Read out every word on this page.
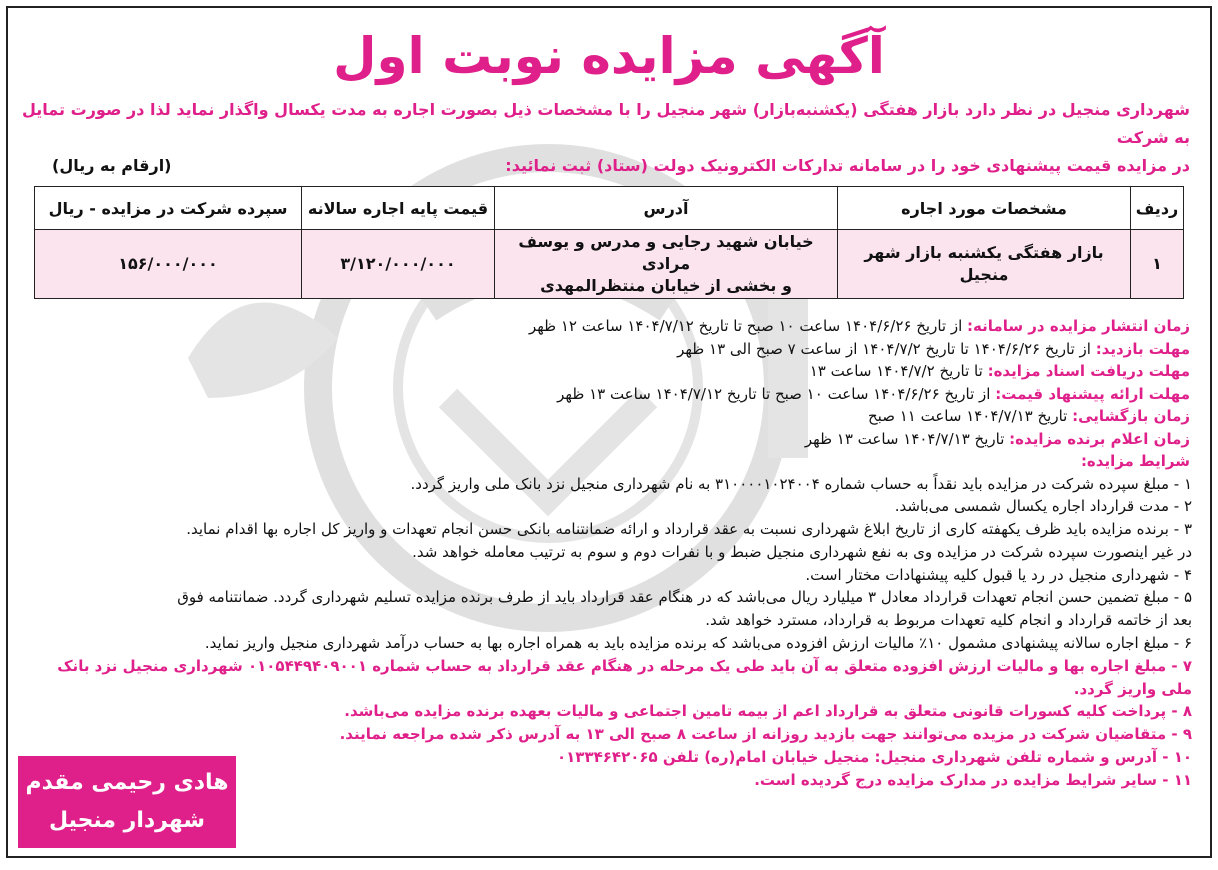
آگهی مزایده نوبت اول
شهرداری منجیل در نظر دارد بازار هفتگی (یکشنبه‌بازار) شهر منجیل را با مشخصات ذیل بصورت اجاره به مدت یکسال واگذار نماید لذا در صورت تمایل به شرکت
در مزایده قیمت پیشنهادی خود را در سامانه تدارکات الکترونیک دولت (ستاد) ثبت نمائید:
(ارقام به ریال)
ردیف	مشخصات مورد اجاره	آدرس	قیمت پایه اجاره سالانه	سپرده شرکت در مزایده - ریال
۱	بازار هفتگی یکشنبه بازار شهر منجیل	خیابان شهید رجایی و مدرس و یوسف مرادی
و بخشی از خیابان منتظرالمهدی	۳/۱۲۰/۰۰۰/۰۰۰	۱۵۶/۰۰۰/۰۰۰
زمان انتشار مزایده در سامانه: از تاریخ ۱۴۰۴/۶/۲۶ ساعت ۱۰ صبح تا تاریخ ۱۴۰۴/۷/۱۲ ساعت ۱۲ ظهر
مهلت بازدید: از تاریخ ۱۴۰۴/۶/۲۶ تا تاریخ ۱۴۰۴/۷/۲ از ساعت ۷ صبح الی ۱۳ ظهر
مهلت دریافت اسناد مزایده: تا تاریخ ۱۴۰۴/۷/۲ ساعت ۱۳
مهلت ارائه پیشنهاد قیمت: از تاریخ ۱۴۰۴/۶/۲۶ ساعت ۱۰ صبح تا تاریخ ۱۴۰۴/۷/۱۲ ساعت ۱۳ ظهر
زمان بازگشایی: تاریخ ۱۴۰۴/۷/۱۳ ساعت ۱۱ صبح
زمان اعلام برنده مزایده: تاریخ ۱۴۰۴/۷/۱۳ ساعت ۱۳ ظهر
شرایط مزایده:

۱ - مبلغ سپرده شرکت در مزایده باید نقداً به حساب شماره ۳۱۰۰۰۰۱۰۲۴۰۰۴ به نام شهرداری منجیل نزد بانک ملی واریز گردد.

۲ - مدت قرارداد اجاره یکسال شمسی می‌باشد.

۳ - برنده مزایده باید ظرف یکهفته کاری از تاریخ ابلاغ شهرداری نسبت به عقد قرارداد و ارائه ضمانتنامه بانکی حسن انجام تعهدات و واریز کل اجاره بها اقدام نماید.

در غیر اینصورت سپرده شرکت در مزایده وی به نفع شهرداری منجیل ضبط و با نفرات دوم و سوم به ترتیب معامله خواهد شد.

۴ - شهرداری منجیل در رد یا قبول کلیه پیشنهادات مختار است.

۵ - مبلغ تضمین حسن انجام تعهدات قرارداد معادل ۳ میلیارد ریال می‌باشد که در هنگام عقد قرارداد باید از طرف برنده مزایده تسلیم شهرداری گردد. ضمانتنامه فوق

بعد از خاتمه قرارداد و انجام کلیه تعهدات مربوط به قرارداد، مسترد خواهد شد.

۶ - مبلغ اجاره سالانه پیشنهادی مشمول ۱۰٪ مالیات ارزش افزوده می‌باشد که برنده مزایده باید به همراه اجاره بها به حساب درآمد شهرداری منجیل واریز نماید.

۷ - مبلغ اجاره بها و مالیات ارزش افزوده متعلق به آن باید طی یک مرحله در هنگام عقد قرارداد به حساب شماره ۰۱۰۵۴۴۹۴۰۹۰۰۱ شهرداری منجیل نزد بانک

ملی واریز گردد.

۸ - پرداخت کلیه کسورات قانونی متعلق به قرارداد اعم از بیمه تامین اجتماعی و مالیات بعهده برنده مزایده می‌باشد.

۹ - متقاضیان شرکت در مزیده می‌توانند جهت بازدید روزانه از ساعت ۸ صبح الی ۱۳ به آدرس ذکر شده مراجعه نمایند.

۱۰ - آدرس و شماره تلفن شهرداری منجیل: منجیل خیابان امام(ره) تلفن ۰۱۳۳۴۶۴۲۰۶۵

۱۱ - سایر شرایط مزایده در مدارک مزایده درج گردیده است.

هادی رحیمی مقدم
شهردار منجیل
